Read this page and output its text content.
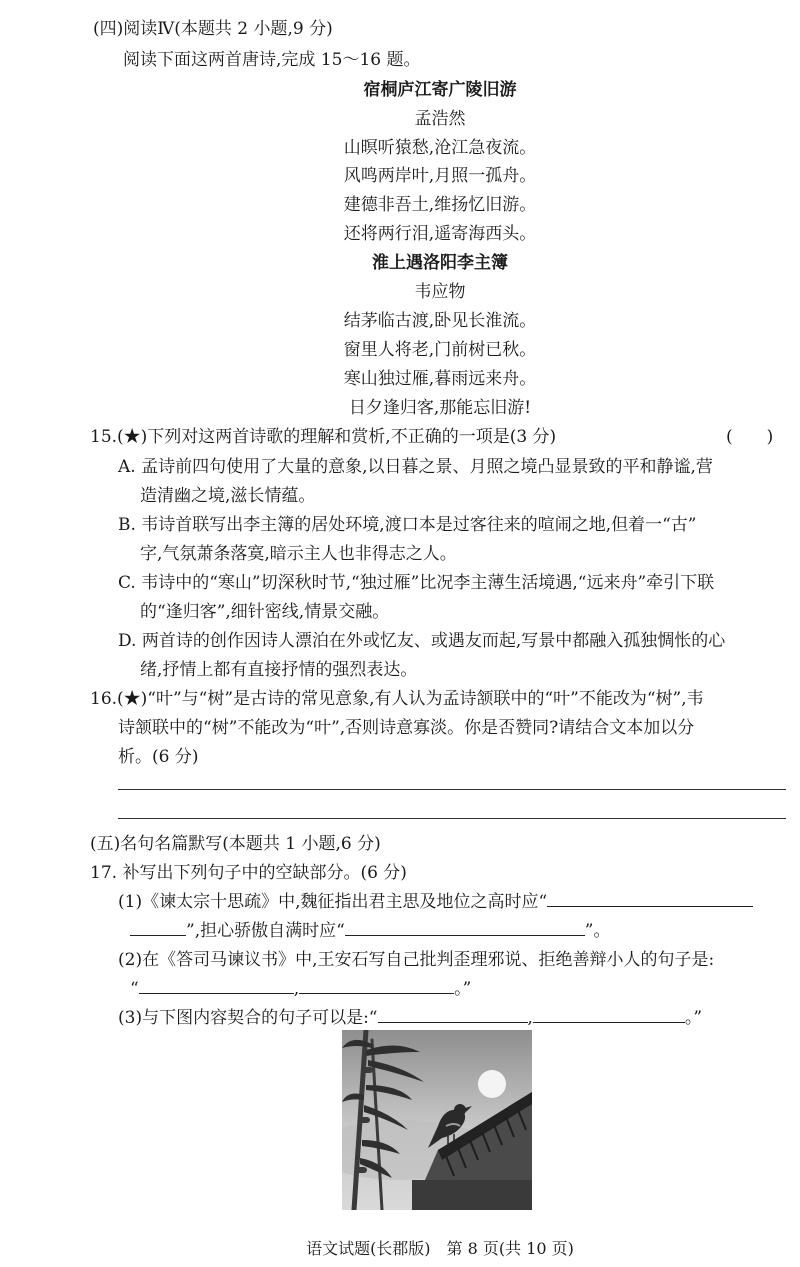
(四)阅读Ⅳ(本题共 2 小题,9 分)
阅读下面这两首唐诗,完成 15～16 题。
宿桐庐江寄广陵旧游
孟浩然
山暝听猿愁,沧江急夜流。
风鸣两岸叶,月照一孤舟。
建德非吾土,维扬忆旧游。
还将两行泪,遥寄海西头。
淮上遇洛阳李主簿
韦应物
结茅临古渡,卧见长淮流。
窗里人将老,门前树已秋。
寒山独过雁,暮雨远来舟。
日夕逢归客,那能忘旧游!
15.(★)下列对这两首诗歌的理解和赏析,不正确的一项是(3 分)	(　　)
A. 孟诗前四句使用了大量的意象,以日暮之景、月照之境凸显景致的平和静谧,营
造清幽之境,滋长情蕴。
B. 韦诗首联写出李主簿的居处环境,渡口本是过客往来的喧闹之地,但着一“古”
字,气氛萧条落寞,暗示主人也非得志之人。
C. 韦诗中的“寒山”切深秋时节,“独过雁”比况李主薄生活境遇,“远来舟”牵引下联
的“逢归客”,细针密线,情景交融。
D. 两首诗的创作因诗人漂泊在外或忆友、或遇友而起,写景中都融入孤独惆怅的心
绪,抒情上都有直接抒情的强烈表达。
16.(★)“叶”与“树”是古诗的常见意象,有人认为孟诗颔联中的“叶”不能改为“树”,韦
诗颔联中的“树”不能改为“叶”,否则诗意寡淡。你是否赞同?请结合文本加以分
析。(6 分)
(五)名句名篇默写(本题共 1 小题,6 分)
17. 补写出下列句子中的空缺部分。(6 分)
(1)《谏太宗十思疏》中,魏征指出君主思及地位之高时应“
”,担心骄傲自满时应“	”。
(2)在《答司马谏议书》中,王安石写自己批判歪理邪说、拒绝善辩小人的句子是:
“	,	。”
(3)与下图内容契合的句子可以是:“	,	。”
语文试题(长郡版)　第 8 页(共 10 页)
